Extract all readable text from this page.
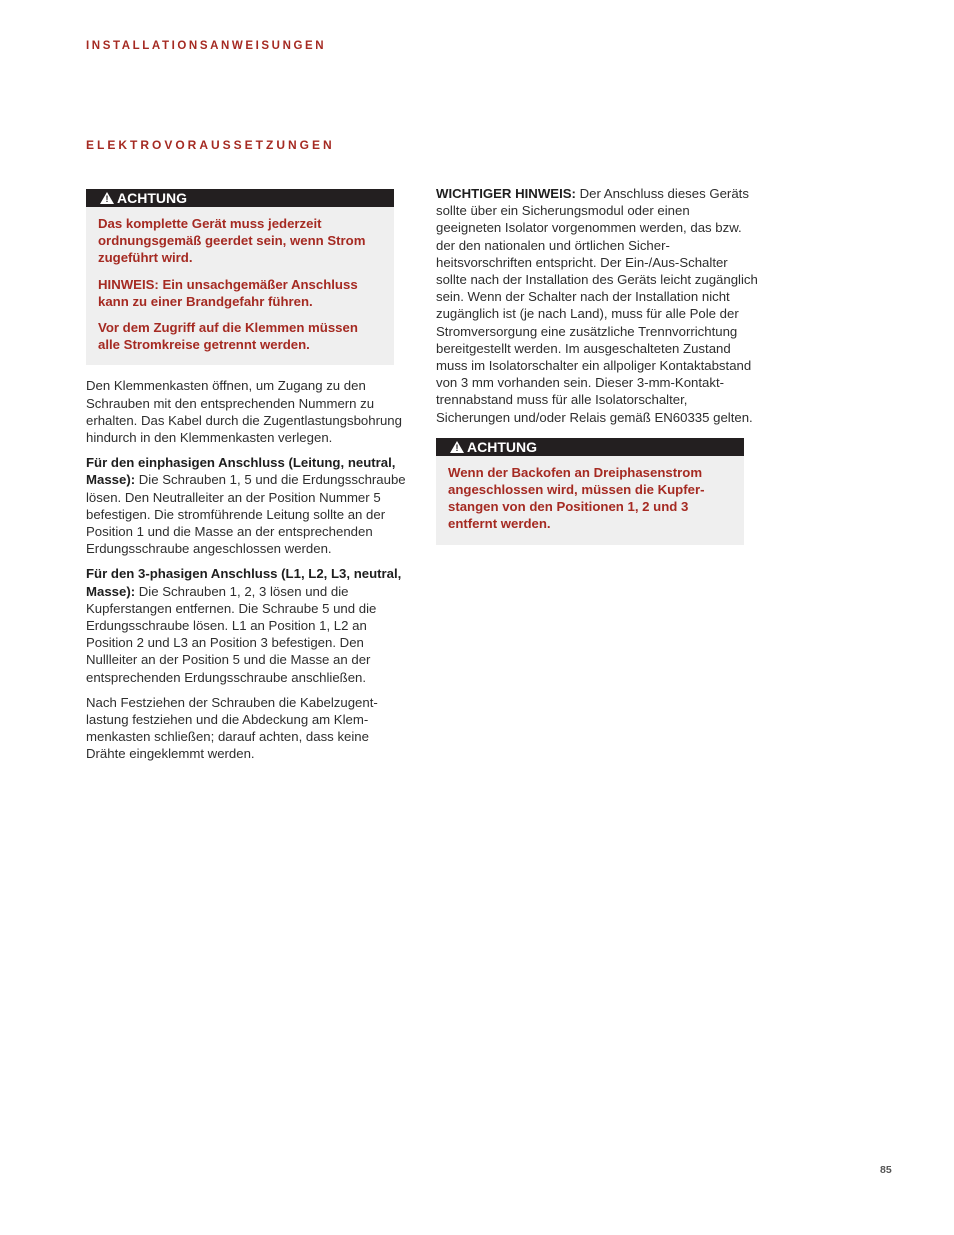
INSTALLATIONSANWEISUNGEN
ELEKTROVORAUSSETZUNGEN
! ACHTUNG

Das komplette Gerät muss jederzeit ordnungsgemäß geerdet sein, wenn Strom zugeführt wird.

HINWEIS: Ein unsachgemäßer Anschluss kann zu einer Brandgefahr führen.

Vor dem Zugriff auf die Klemmen müssen alle Stromkreise getrennt werden.

Den Klemmenkasten öffnen, um Zugang zu den Schrauben mit den entsprechenden Nummern zu erhalten. Das Kabel durch die Zugentlastungsbohrung hindurch in den Klemmenkasten verlegen.

Für den einphasigen Anschluss (Leitung, neutral, Masse): Die Schrauben 1, 5 und die Erdungsschraube lösen. Den Neutralleiter an der Position Nummer 5 befestigen. Die stromführende Leitung sollte an der Position 1 und die Masse an der entsprechenden Erdungsschraube angeschlossen werden.

Für den 3-phasigen Anschluss (L1, L2, L3, neutral, Masse): Die Schrauben 1, 2, 3 lösen und die Kupferstangen entfernen. Die Schraube 5 und die Erdungsschraube lösen. L1 an Position 1, L2 an Position 2 und L3 an Position 3 befestigen. Den Nullleiter an der Position 5 und die Masse an der entsprechenden Erdungsschraube anschließen.

Nach Festziehen der Schrauben die Kabelzugentlastung festziehen und die Abdeckung am Klemmenkasten schließen; darauf achten, dass keine Drähte eingeklemmt werden.

WICHTIGER HINWEIS: Der Anschluss dieses Geräts sollte über ein Sicherungsmodul oder einen geeigneten Isolator vorgenommen werden, das bzw. der den nationalen und örtlichen Sicherheitsvorschriften entspricht. Der Ein-/Aus-Schalter sollte nach der Installation des Geräts leicht zugänglich sein. Wenn der Schalter nach der Installation nicht zugänglich ist (je nach Land), muss für alle Pole der Stromversorgung eine zusätzliche Trennvorrichtung bereitgestellt werden. Im ausgeschalteten Zustand muss im Isolatorschalter ein allpoliger Kontaktabstand von 3 mm vorhanden sein. Dieser 3-mm-Kontakttrennabstand muss für alle Isolatorschalter, Sicherungen und/oder Relais gemäß EN60335 gelten.

! ACHTUNG

Wenn der Backofen an Dreiphasenstrom angeschlossen wird, müssen die Kupferstangen von den Positionen 1, 2 und 3 entfernt werden.

85
